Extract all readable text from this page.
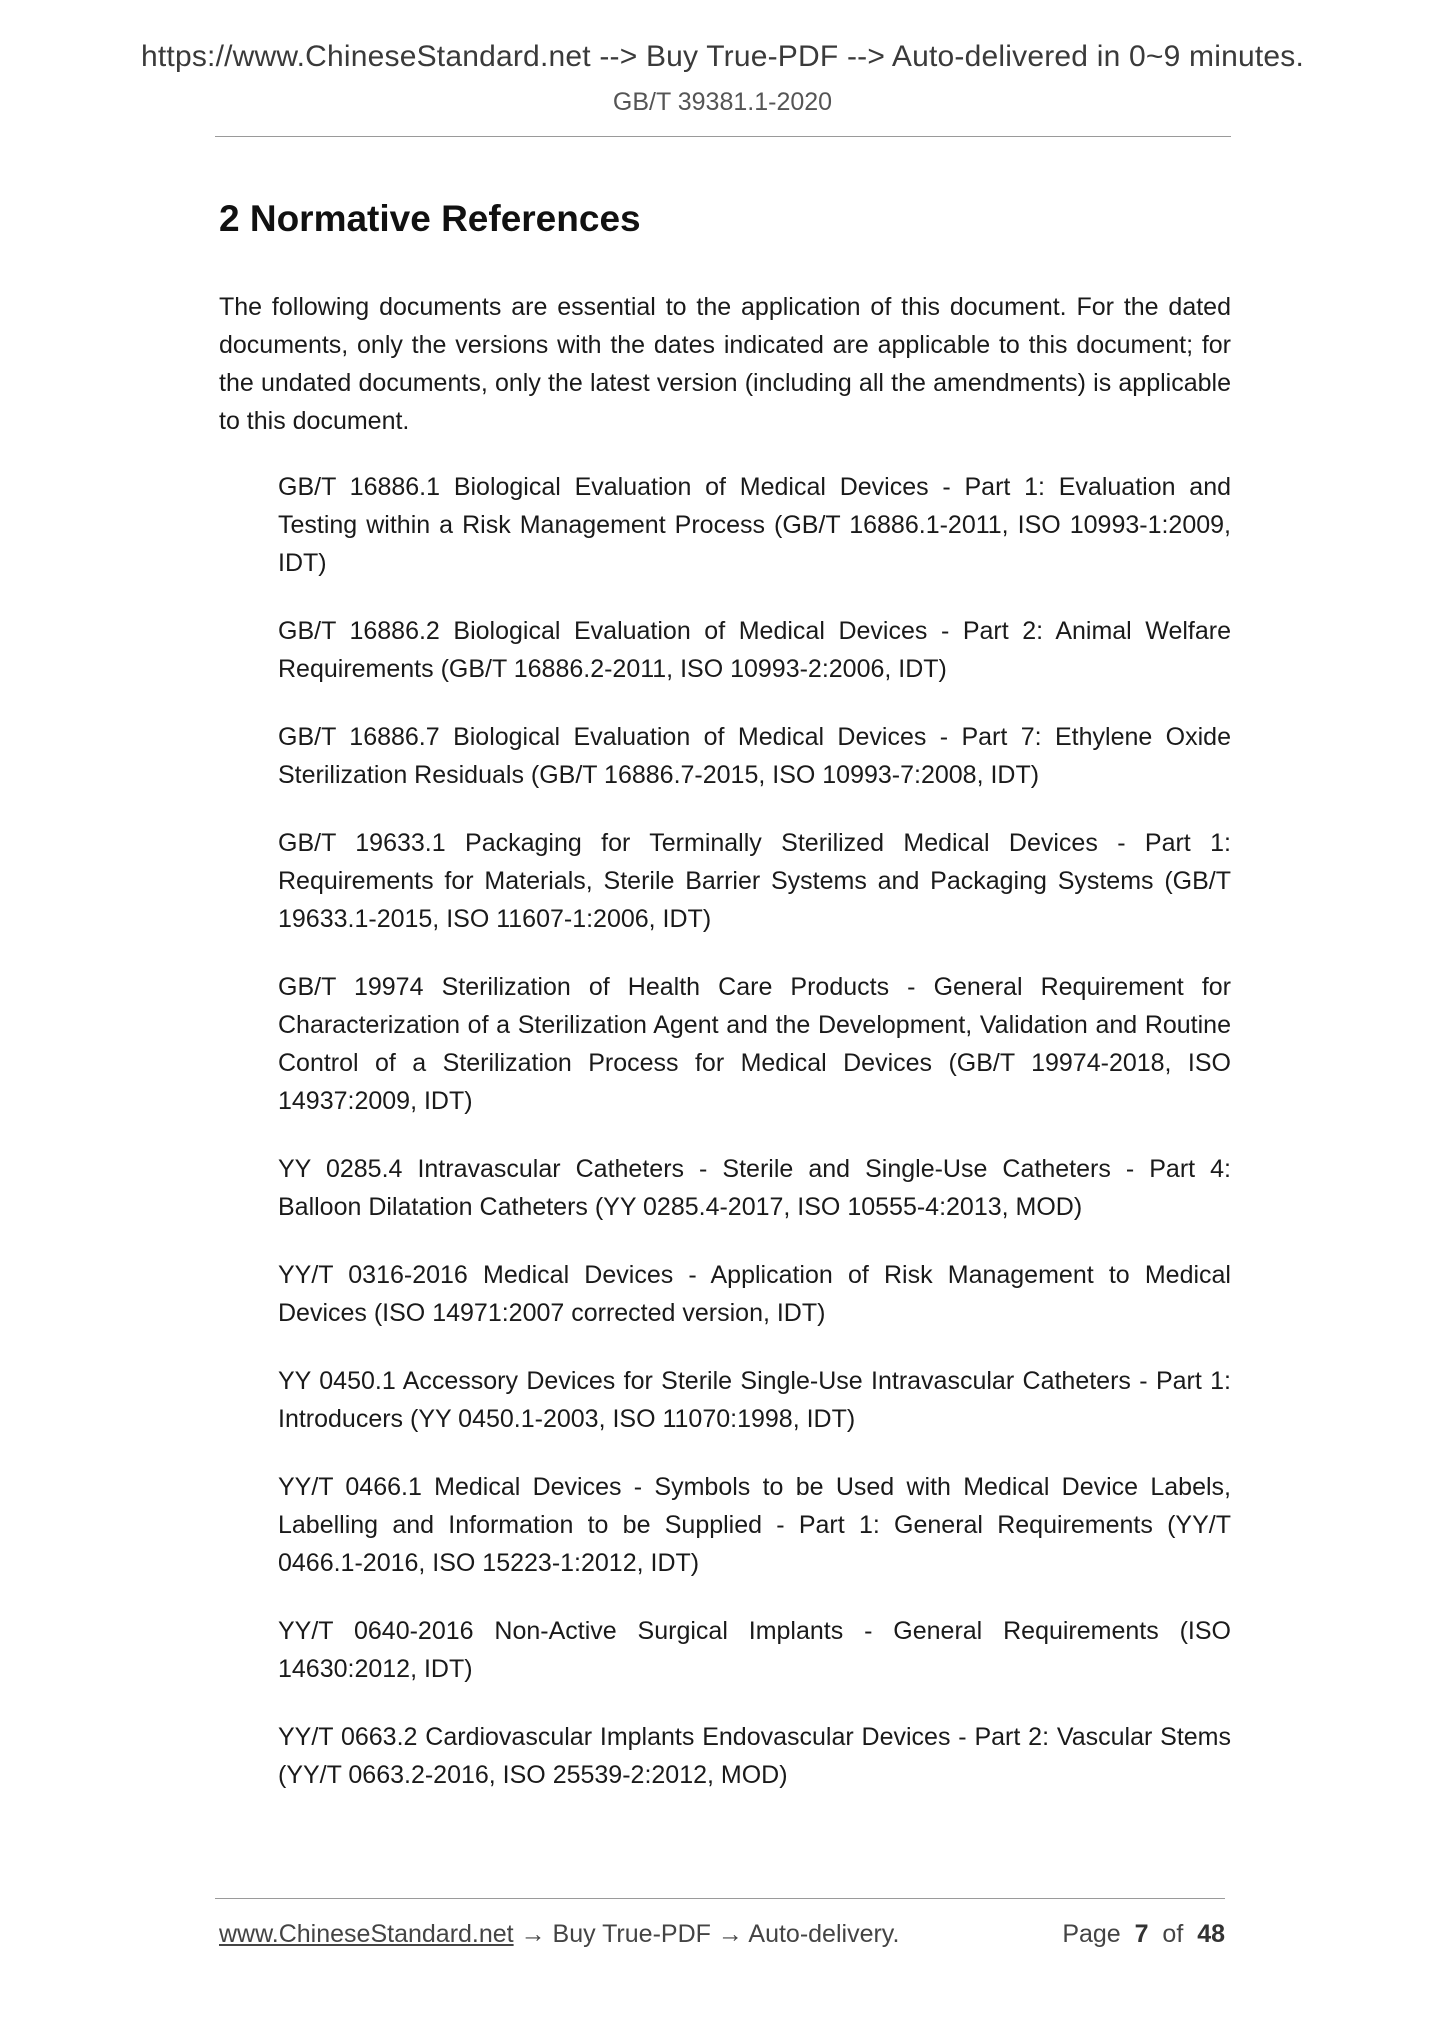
https://www.ChineseStandard.net --> Buy True-PDF --> Auto-delivered in 0~9 minutes.
GB/T 39381.1-2020
2 Normative References

The following documents are essential to the application of this document. For the dated documents, only the versions with the dates indicated are applicable to this document; for the undated documents, only the latest version (including all the amendments) is applicable to this document.

GB/T 16886.1 Biological Evaluation of Medical Devices - Part 1: Evaluation and Testing within a Risk Management Process (GB/T 16886.1-2011, ISO 10993-1:2009, IDT)
GB/T 16886.2 Biological Evaluation of Medical Devices - Part 2: Animal Welfare Requirements (GB/T 16886.2-2011, ISO 10993-2:2006, IDT)
GB/T 16886.7 Biological Evaluation of Medical Devices - Part 7: Ethylene Oxide Sterilization Residuals (GB/T 16886.7-2015, ISO 10993-7:2008, IDT)
GB/T 19633.1 Packaging for Terminally Sterilized Medical Devices - Part 1: Requirements for Materials, Sterile Barrier Systems and Packaging Systems (GB/T 19633.1-2015, ISO 11607-1:2006, IDT)
GB/T 19974 Sterilization of Health Care Products - General Requirement for Characterization of a Sterilization Agent and the Development, Validation and Routine Control of a Sterilization Process for Medical Devices (GB/T 19974-2018, ISO 14937:2009, IDT)
YY 0285.4 Intravascular Catheters - Sterile and Single-Use Catheters - Part 4: Balloon Dilatation Catheters (YY 0285.4-2017, ISO 10555-4:2013, MOD)
YY/T 0316-2016 Medical Devices - Application of Risk Management to Medical Devices (ISO 14971:2007 corrected version, IDT)
YY 0450.1 Accessory Devices for Sterile Single-Use Intravascular Catheters - Part 1: Introducers (YY 0450.1-2003, ISO 11070:1998, IDT)
YY/T 0466.1 Medical Devices - Symbols to be Used with Medical Device Labels, Labelling and Information to be Supplied - Part 1: General Requirements (YY/T 0466.1-2016, ISO 15223-1:2012, IDT)
YY/T 0640-2016 Non-Active Surgical Implants - General Requirements (ISO 14630:2012, IDT)
YY/T 0663.2 Cardiovascular Implants Endovascular Devices - Part 2: Vascular Stems (YY/T 0663.2-2016, ISO 25539-2:2012, MOD)
www.ChineseStandard.net → Buy True-PDF → Auto-delivery.	Page 7 of 48
